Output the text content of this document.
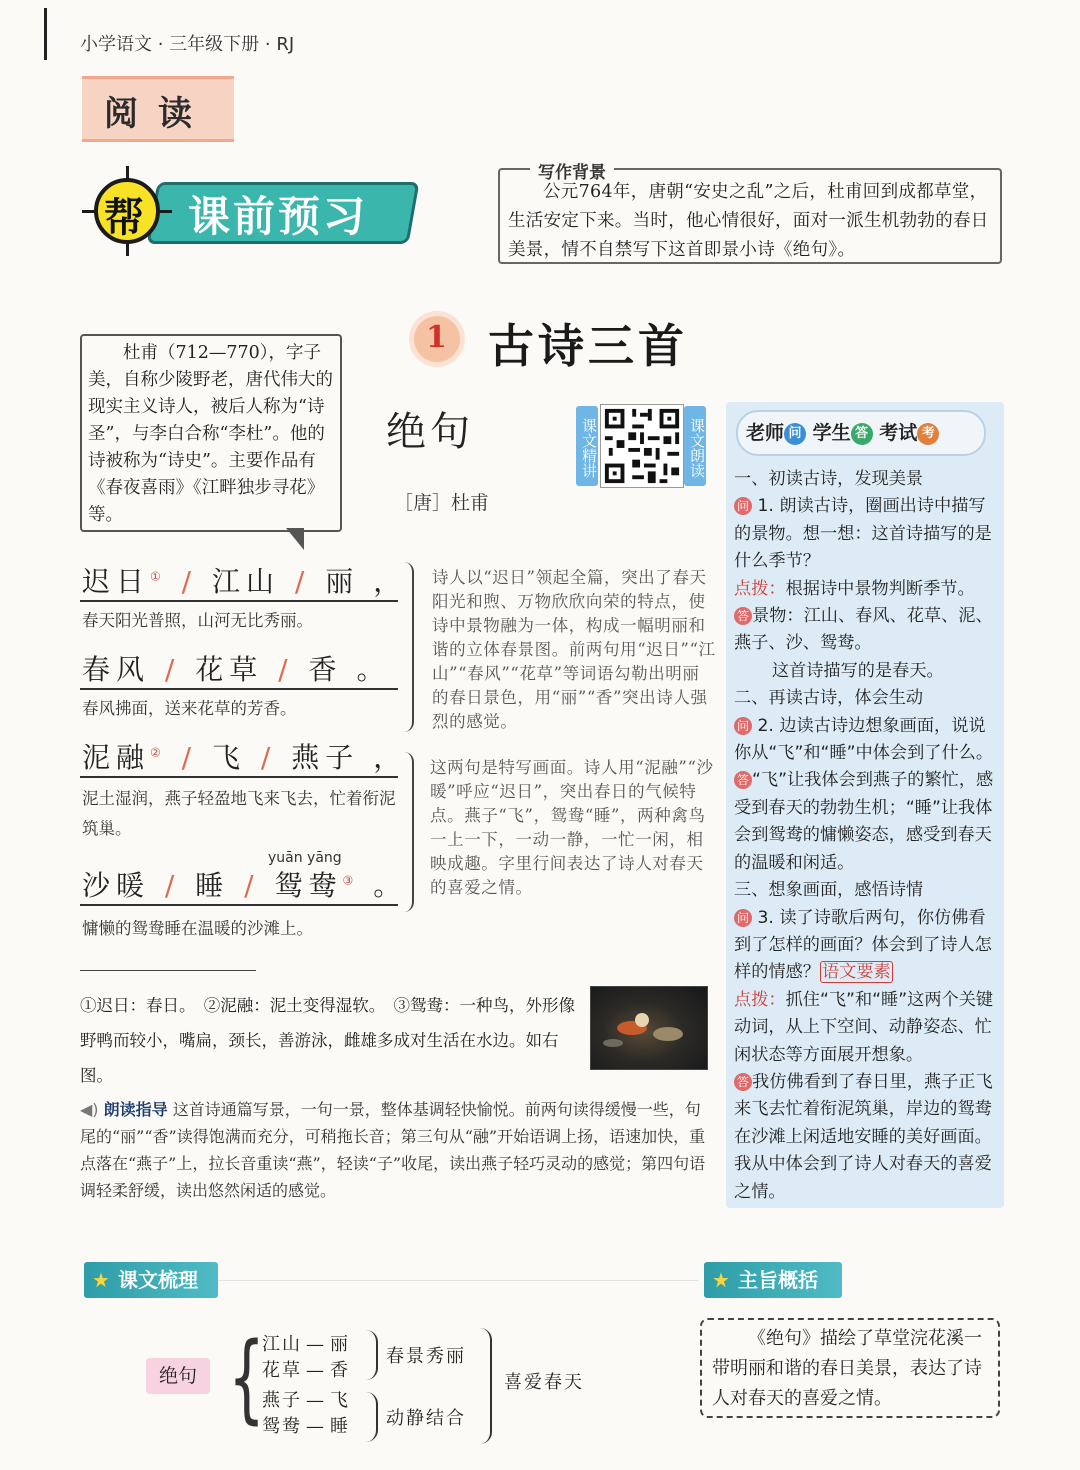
小学语文 · 三年级下册 · RJ
阅读
课前预习
帮
写作背景
公元764年，唐朝“安史之乱”之后，杜甫回到成都草堂，生活安定下来。当时，他心情很好，面对一派生机勃勃的春日美景，情不自禁写下这首即景小诗《绝句》。
1 古诗三首
杜甫（712—770），字子美，自称少陵野老，唐代伟大的现实主义诗人，被后人称为“诗圣”，与李白合称“李杜”。他的诗被称为“诗史”。主要作品有《春夜喜雨》《江畔独步寻花》等。
绝句
［唐］杜甫
课文精讲	课文朗读
迟日① / 江山 / 丽 ，
春天阳光普照，山河无比秀丽。
春风 / 花草 / 香 。
春风拂面，送来花草的芳香。
泥融② / 飞 / 燕子 ，
泥土湿润，燕子轻盈地飞来飞去，忙着衔泥筑巢。
沙暖 / 睡 / 鸳鸯③ 。
yuān yāng
慵懒的鸳鸯睡在温暖的沙滩上。
诗人以“迟日”领起全篇，突出了春天阳光和煦、万物欣欣向荣的特点，使诗中景物融为一体，构成一幅明丽和谐的立体春景图。前两句用“迟日”“江山”“春风”“花草”等词语勾勒出明丽的春日景色，用“丽”“香”突出诗人强烈的感觉。
这两句是特写画面。诗人用“泥融”“沙暖”呼应“迟日”，突出春日的气候特点。燕子“飞”，鸳鸯“睡”，两种禽鸟一上一下，一动一静，一忙一闲，相映成趣。字里行间表达了诗人对春天的喜爱之情。
①迟日：春日。　②泥融：泥土变得湿软。　③鸳鸯：一种鸟，外形像野鸭而较小，嘴扁，颈长，善游泳，雌雄多成对生活在水边。如右图。
◀) 朗读指导 这首诗通篇写景，一句一景，整体基调轻快愉悦。前两句读得缓慢一些，句尾的“丽”“香”读得饱满而充分，可稍拖长音；第三句从“融”开始语调上扬，语速加快，重点落在“燕子”上，拉长音重读“燕”，轻读“子”收尾，读出燕子轻巧灵动的感觉；第四句语调轻柔舒缓，读出悠然闲适的感觉。
老师 问 学生 答 考试 考
一、初读古诗，发现美景
问 1. 朗读古诗，圈画出诗中描写的景物。想一想：这首诗描写的是什么季节？
点拨：根据诗中景物判断季节。
答 景物：江山、春风、花草、泥、燕子、沙、鸳鸯。
这首诗描写的是春天。
二、再读古诗，体会生动
问 2. 边读古诗边想象画面，说说你从“飞”和“睡”中体会到了什么。
答 “飞”让我体会到燕子的繁忙，感受到春天的勃勃生机；“睡”让我体会到鸳鸯的慵懒姿态，感受到春天的温暖和闲适。
三、想象画面，感悟诗情
问 3. 读了诗歌后两句，你仿佛看到了怎样的画面？体会到了诗人怎样的情感？ 语文要素
点拨：抓住“飞”和“睡”这两个关键动词，从上下空间、动静姿态、忙闲状态等方面展开想象。
答 我仿佛看到了春日里，燕子正飞来飞去忙着衔泥筑巢，岸边的鸳鸯在沙滩上闲适地安睡的美好画面。我从中体会到了诗人对春天的喜爱之情。
★ 课文梳理	★ 主旨概括
绝句 {
江山 — 丽
花草 — 香
燕子 — 飞
鸳鸯 — 睡
春景秀丽
动静结合
喜爱春天
《绝句》描绘了草堂浣花溪一带明丽和谐的春日美景，表达了诗人对春天的喜爱之情。
